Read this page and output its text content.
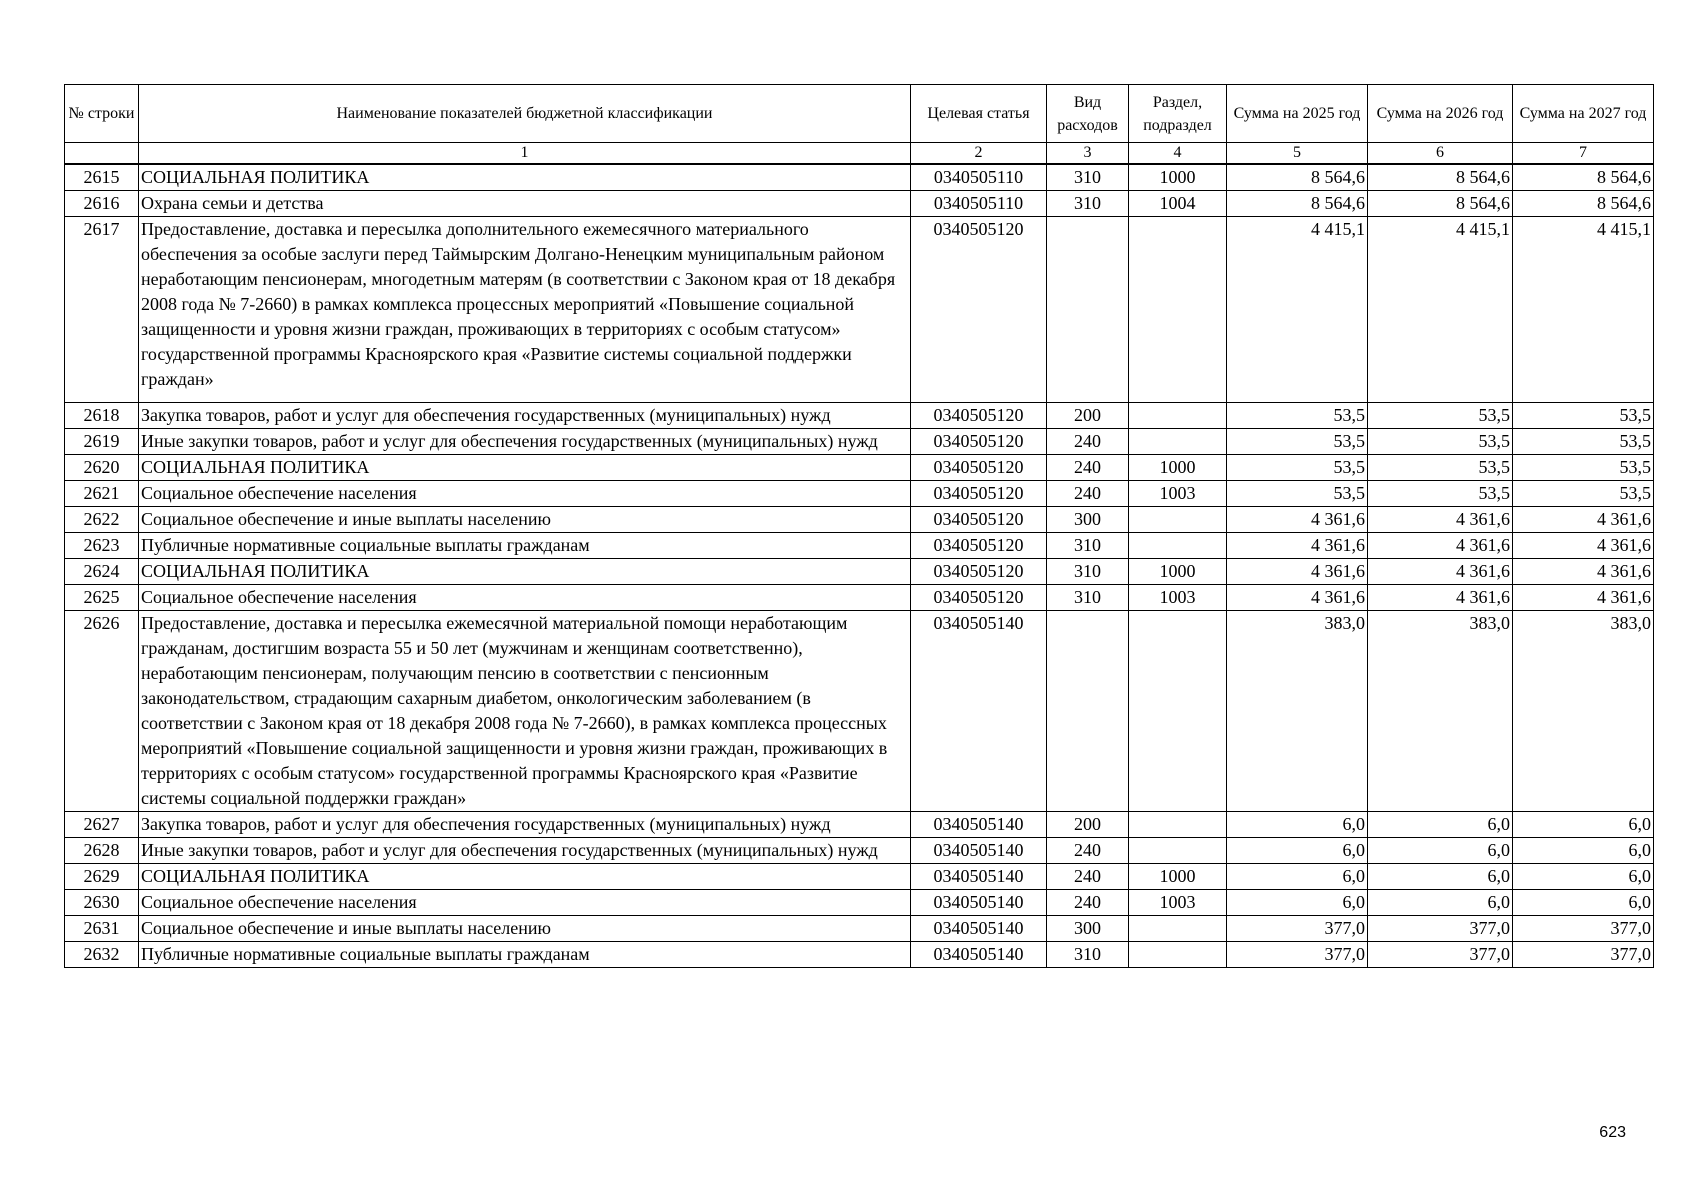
№ строки	Наименование показателей бюджетной классификации	Целевая статья	Вид расходов	Раздел, подраздел	Сумма на 2025 год	Сумма на 2026 год	Сумма на 2027 год
	1	2	3	4	5	6	7
2615	СОЦИАЛЬНАЯ ПОЛИТИКА	0340505110	310	1000	8 564,6	8 564,6	8 564,6
2616	Охрана семьи и детства	0340505110	310	1004	8 564,6	8 564,6	8 564,6
2617	Предоставление, доставка и пересылка дополнительного ежемесячного материального обеспечения за особые заслуги перед Таймырским Долгано-Ненецким муниципальным районом неработающим пенсионерам, многодетным матерям (в соответствии с Законом края от 18 декабря 2008 года № 7-2660) в рамках комплекса процессных мероприятий «Повышение социальной защищенности и уровня жизни граждан, проживающих в территориях с особым статусом» государственной программы Красноярского края «Развитие системы социальной поддержки граждан»	0340505120			4 415,1	4 415,1	4 415,1
2618	Закупка товаров, работ и услуг для обеспечения государственных (муниципальных) нужд	0340505120	200		53,5	53,5	53,5
2619	Иные закупки товаров, работ и услуг для обеспечения государственных (муниципальных) нужд	0340505120	240		53,5	53,5	53,5
2620	СОЦИАЛЬНАЯ ПОЛИТИКА	0340505120	240	1000	53,5	53,5	53,5
2621	Социальное обеспечение населения	0340505120	240	1003	53,5	53,5	53,5
2622	Социальное обеспечение и иные выплаты населению	0340505120	300		4 361,6	4 361,6	4 361,6
2623	Публичные нормативные социальные выплаты гражданам	0340505120	310		4 361,6	4 361,6	4 361,6
2624	СОЦИАЛЬНАЯ ПОЛИТИКА	0340505120	310	1000	4 361,6	4 361,6	4 361,6
2625	Социальное обеспечение населения	0340505120	310	1003	4 361,6	4 361,6	4 361,6
2626	Предоставление, доставка и пересылка ежемесячной материальной помощи неработающим гражданам, достигшим возраста 55 и 50 лет (мужчинам и женщинам соответственно), неработающим пенсионерам, получающим пенсию в соответствии с пенсионным законодательством, страдающим сахарным диабетом, онкологическим заболеванием (в соответствии с Законом края от 18 декабря 2008 года № 7-2660), в рамках комплекса процессных мероприятий «Повышение социальной защищенности и уровня жизни граждан, проживающих в территориях с особым статусом» государственной программы Красноярского края «Развитие системы социальной поддержки граждан»	0340505140			383,0	383,0	383,0
2627	Закупка товаров, работ и услуг для обеспечения государственных (муниципальных) нужд	0340505140	200		6,0	6,0	6,0
2628	Иные закупки товаров, работ и услуг для обеспечения государственных (муниципальных) нужд	0340505140	240		6,0	6,0	6,0
2629	СОЦИАЛЬНАЯ ПОЛИТИКА	0340505140	240	1000	6,0	6,0	6,0
2630	Социальное обеспечение населения	0340505140	240	1003	6,0	6,0	6,0
2631	Социальное обеспечение и иные выплаты населению	0340505140	300		377,0	377,0	377,0
2632	Публичные нормативные социальные выплаты гражданам	0340505140	310		377,0	377,0	377,0
623
